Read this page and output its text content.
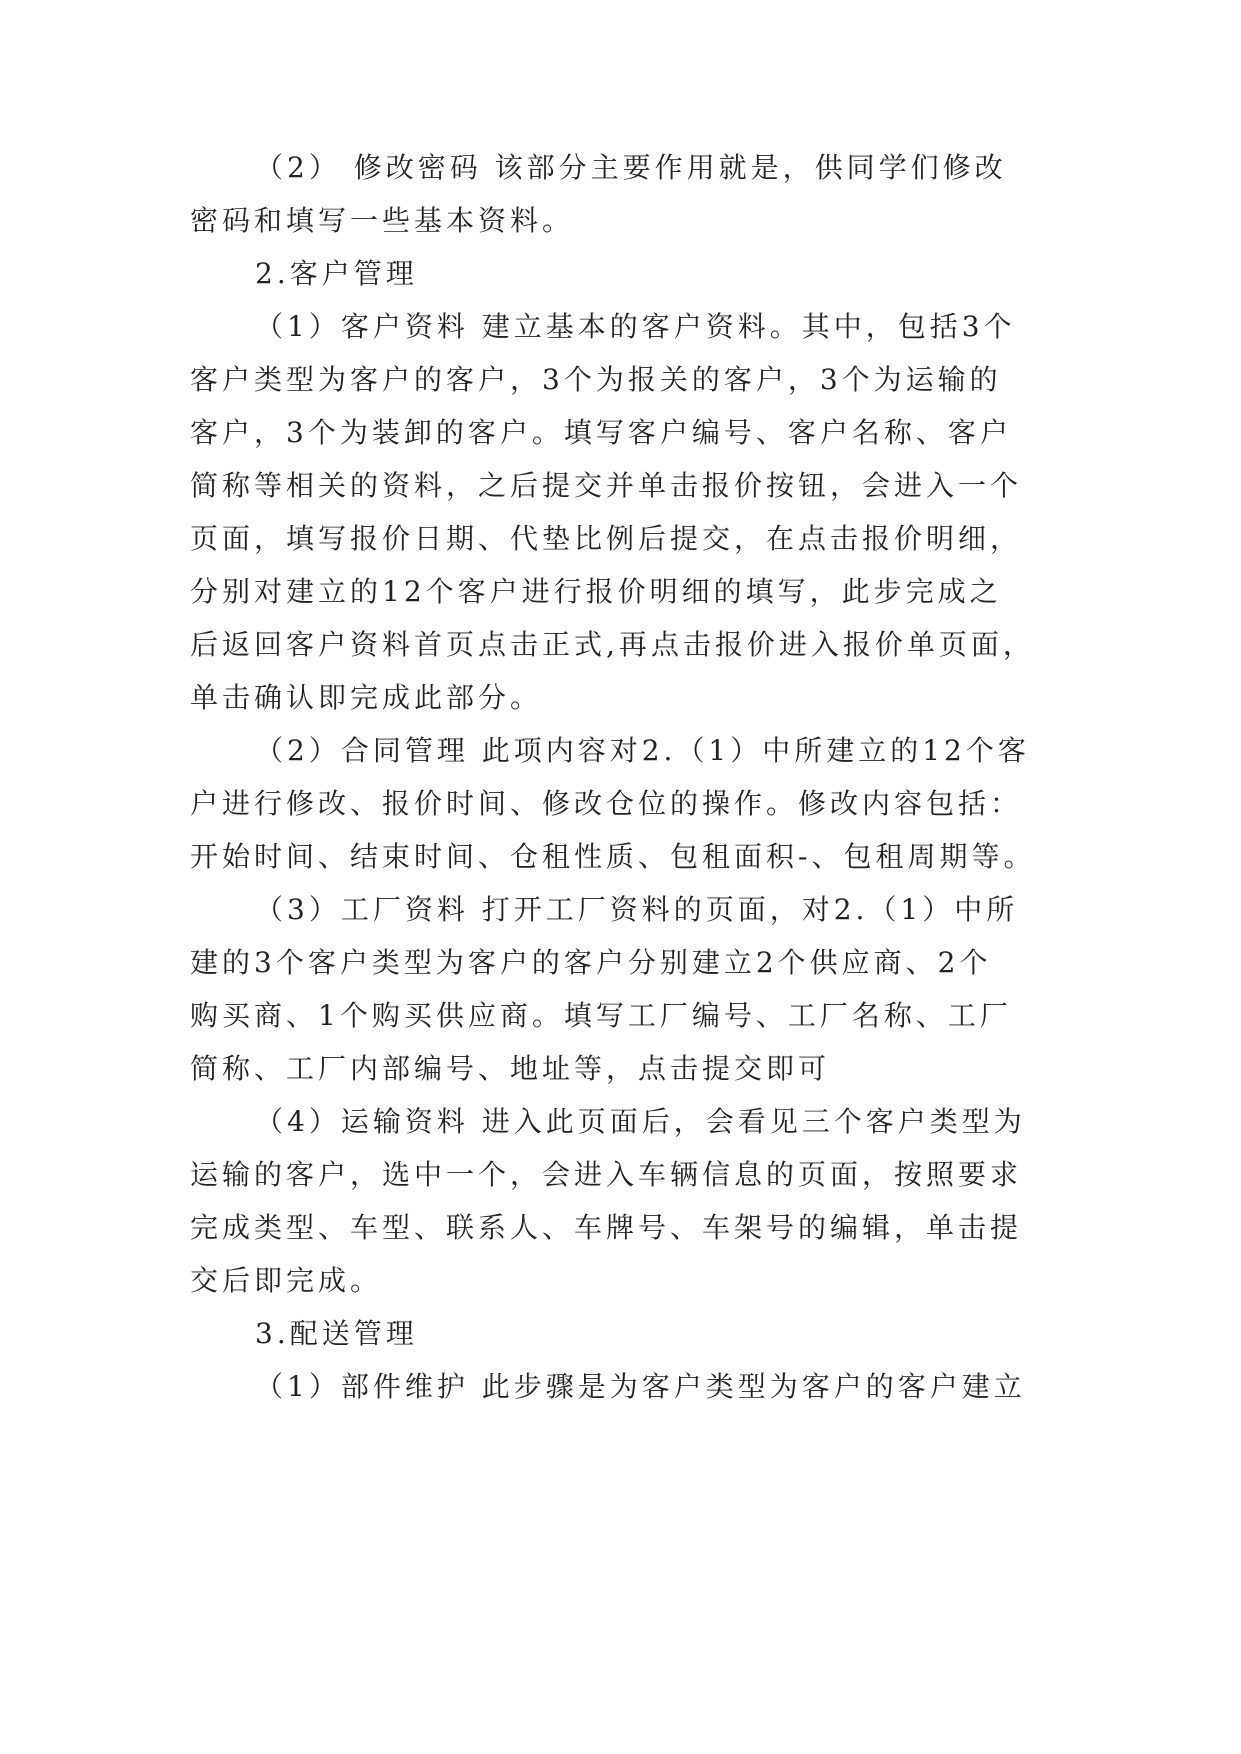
（2） 修改密码 该部分主要作用就是，供同学们修改

密码和填写一些基本资料。

2.客户管理

（1）客户资料 建立基本的客户资料。其中，包括3个

客户类型为客户的客户，3个为报关的客户，3个为运输的

客户，3个为装卸的客户。填写客户编号、客户名称、客户

简称等相关的资料，之后提交并单击报价按钮，会进入一个

页面，填写报价日期、代垫比例后提交，在点击报价明细，

分别对建立的12个客户进行报价明细的填写，此步完成之

后返回客户资料首页点击正式,再点击报价进入报价单页面，

单击确认即完成此部分。

（2）合同管理 此项内容对2.（1）中所建立的12个客

户进行修改、报价时间、修改仓位的操作。修改内容包括：

开始时间、结束时间、仓租性质、包租面积-、包租周期等。

（3）工厂资料 打开工厂资料的页面，对2.（1）中所

建的3个客户类型为客户的客户分别建立2个供应商、2个

购买商、1个购买供应商。填写工厂编号、工厂名称、工厂

简称、工厂内部编号、地址等，点击提交即可

（4）运输资料 进入此页面后，会看见三个客户类型为

运输的客户，选中一个，会进入车辆信息的页面，按照要求

完成类型、车型、联系人、车牌号、车架号的编辑，单击提

交后即完成。

3.配送管理

（1）部件维护 此步骤是为客户类型为客户的客户建立
